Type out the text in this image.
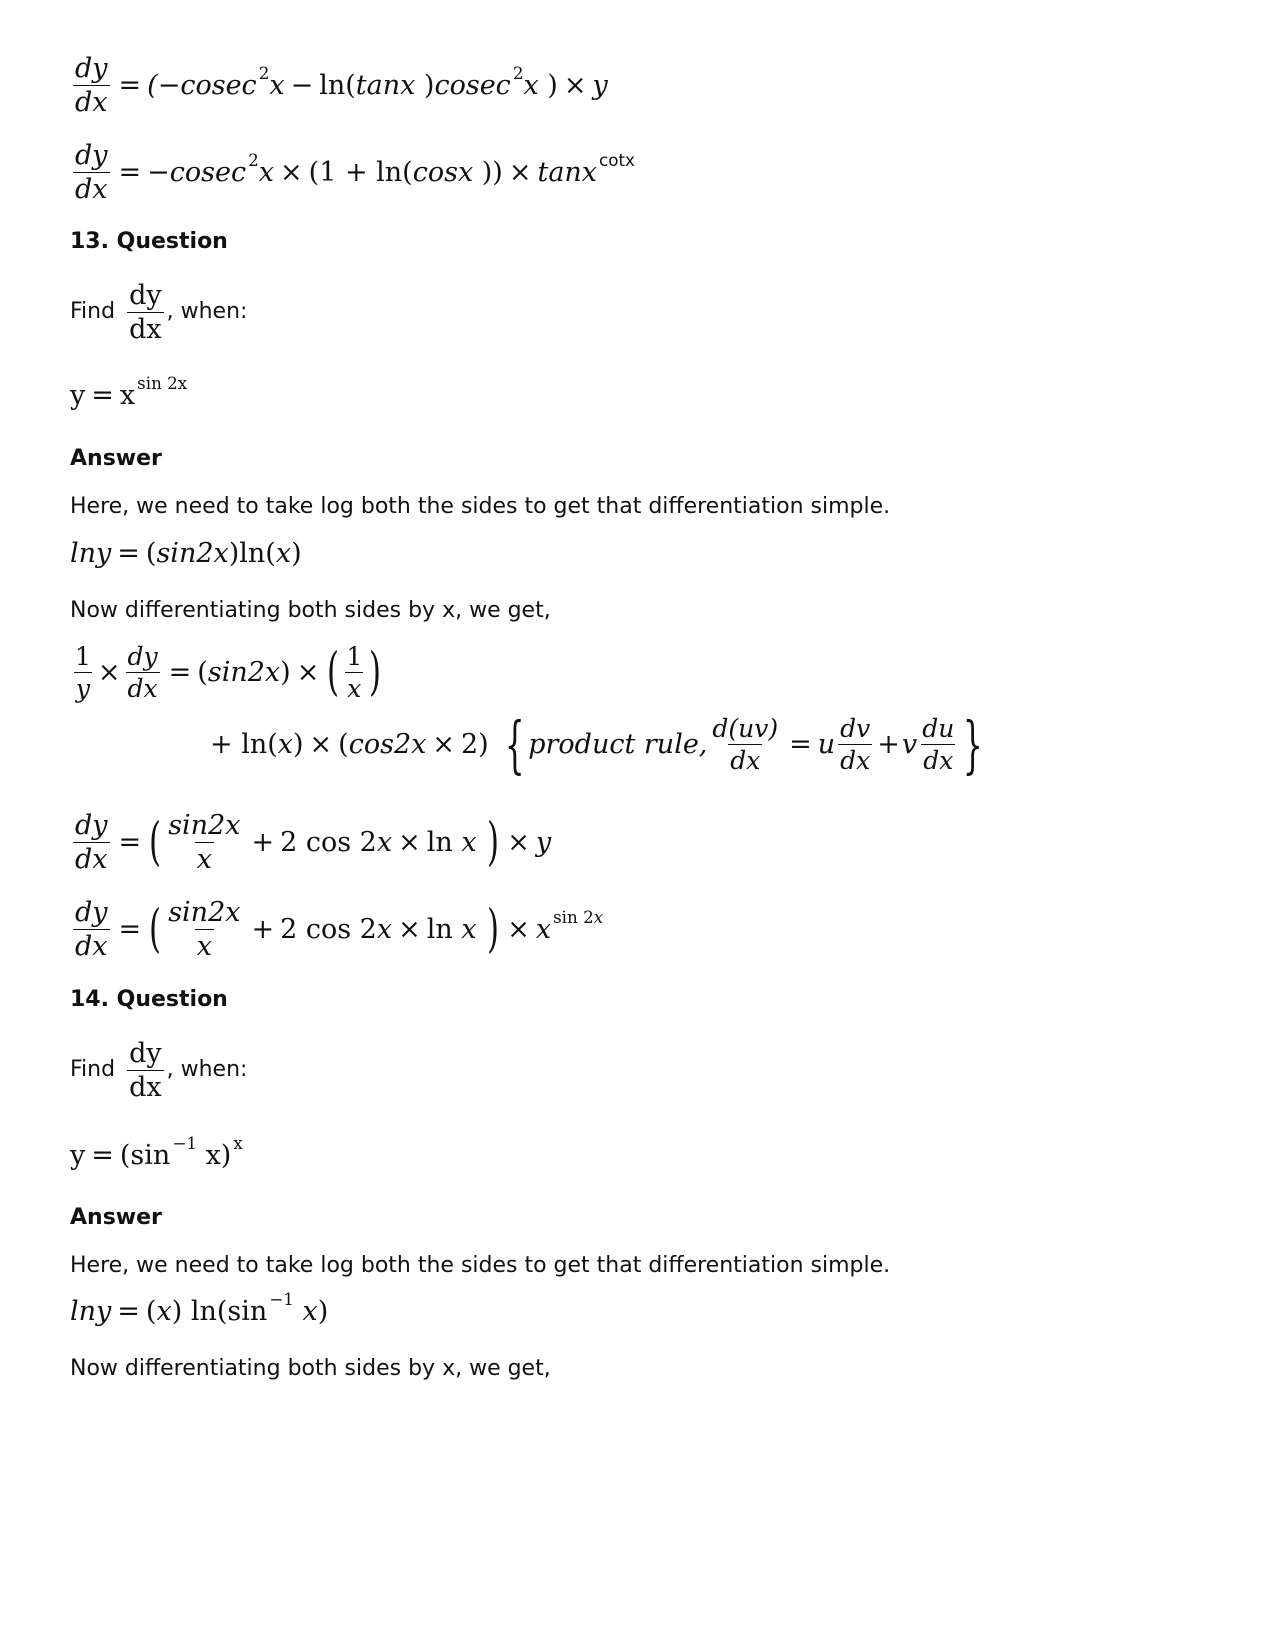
$\frac{dy}{dx}$ = ( −cosec$^2$ x − ln( tanx ) cosec$^2$ x ) × y
$\frac{dy}{dx}$ = − cosec$^2$ x × (1 + ln( cosx )) × tanx$^{cotx}$
13. Question
Find $\frac{dy}{dx}$ , when:
$y = x^{sin 2x}$
Answer
Here, we need to take log both the sides to get that differentiation simple.
lny = ( sin2x )ln( x )
Now differentiating both sides by x, we get,
$\frac{1}{y} \times \frac{dy}{dx}$ = ( sin2x ) × ( $\frac{1}{x}$ )
+ ln( x ) × ( cos2x × 2) { product rule, $\frac{d(uv)}{dx} = u \frac{dv}{dx} + v \frac{du}{dx}$ }
$\frac{dy}{dx}$ = ( $\frac{\sin 2x}{x} + 2$ cos 2 x × ln
x
) × y
$\frac{dy}{dx}$ = ( $\frac{\sin 2x}{x} + 2$ cos 2 x × ln
x
) × $x^{sin 2x}$
14. Question
Find $\frac{dy}{dx}$ , when:
$y = (\sin^{-1}$ x)$^x$
Answer
Here, we need to take log both the sides to get that differentiation simple.
lny = ( x ) $\ln(\sin^{-1}$ x )
Now differentiating both sides by x, we get,
